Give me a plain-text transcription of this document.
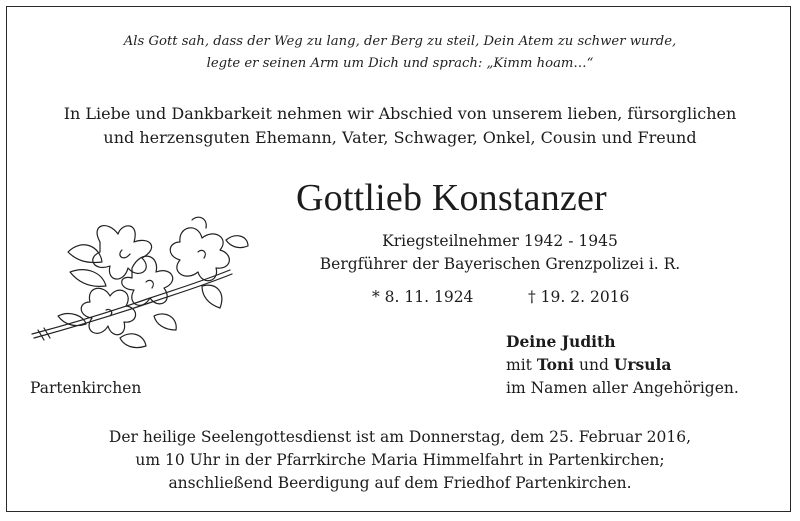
Als Gott sah, dass der Weg zu lang, der Berg zu steil, Dein Atem zu schwer wurde,
legte er seinen Arm um Dich und sprach: „Kimm hoam…“
In Liebe und Dankbarkeit nehmen wir Abschied von unserem lieben, fürsorglichen
und herzensguten Ehemann, Vater, Schwager, Onkel, Cousin und Freund
Gottlieb Konstanzer
Kriegsteilnehmer 1942 - 1945
Bergführer der Bayerischen Grenzpolizei i. R.
* 8. 11. 1924	† 19. 2. 2016
Deine Judith
mit Toni und Ursula
im Namen aller Angehörigen.
Partenkirchen
Der heilige Seelengottesdienst ist am Donnerstag, dem 25. Februar 2016,
um 10 Uhr in der Pfarrkirche Maria Himmelfahrt in Partenkirchen;
anschließend Beerdigung auf dem Friedhof Partenkirchen.
